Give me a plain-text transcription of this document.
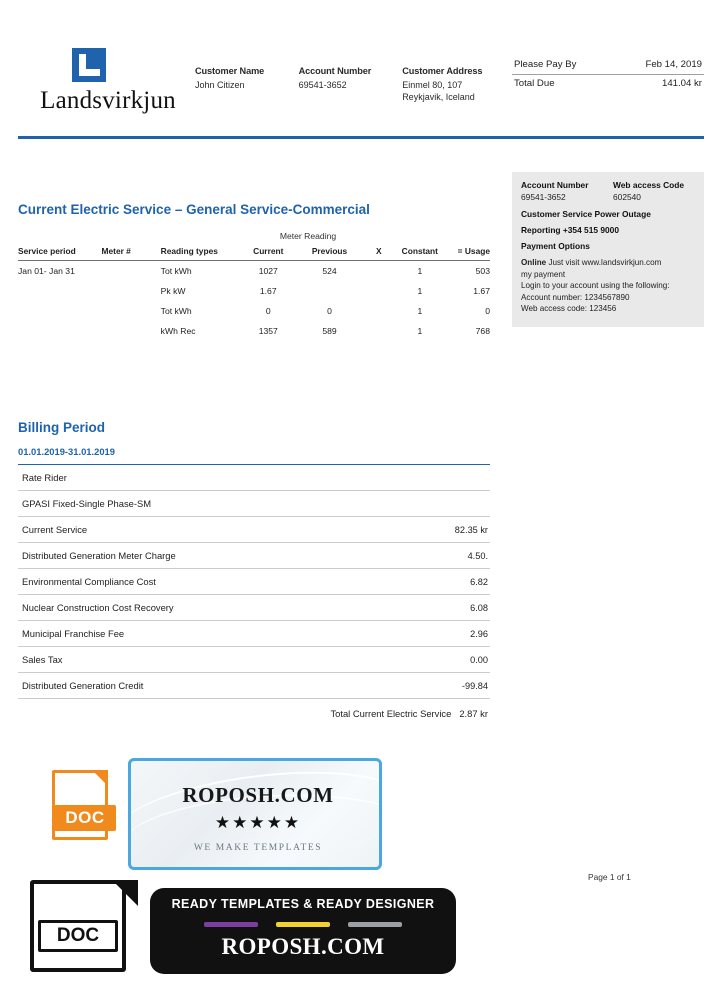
Landsvirkjun
Customer Name
John Citizen
Account Number
69541-3652
Customer Address
Einmel 80, 107
Reykjavik, Iceland
Please Pay By	Feb 14, 2019
Total Due	141.04 kr
Current Electric Service – General Service-Commercial
Meter Reading
Service period	Meter #	Reading types	Current	Previous	X	Constant	= Usage
Jan 01- Jan 31		Tot kWh	1027	524		1	503
		Pk kW	1.67			1	1.67
		Tot kWh	0	0		1	0
		kWh Rec	1357	589		1	768
Account Number	Web access Code
69541-3652	602540
Customer Service Power Outage
Reporting +354 515 9000
Payment Options
Online Just visit www.landsvirkjun.com
my payment
Login to your account using the following:
Account number: 1234567890
Web access code: 123456
Billing Period
01.01.2019-31.01.2019
Rate Rider
GPASI Fixed-Single Phase-SM
Current Service	82.35 kr
Distributed Generation Meter Charge	4.50.
Environmental Compliance Cost	6.82
Nuclear Construction Cost Recovery	6.08
Municipal Franchise Fee	2.96
Sales Tax	0.00
Distributed Generation Credit	-99.84
Total Current Electric Service 2.87 kr
Page 1 of 1
DOC
DOC
ROPOSH.COM
★★★★★
WE MAKE TEMPLATES
READY TEMPLATES & READY DESIGNER
ROPOSH.COM
